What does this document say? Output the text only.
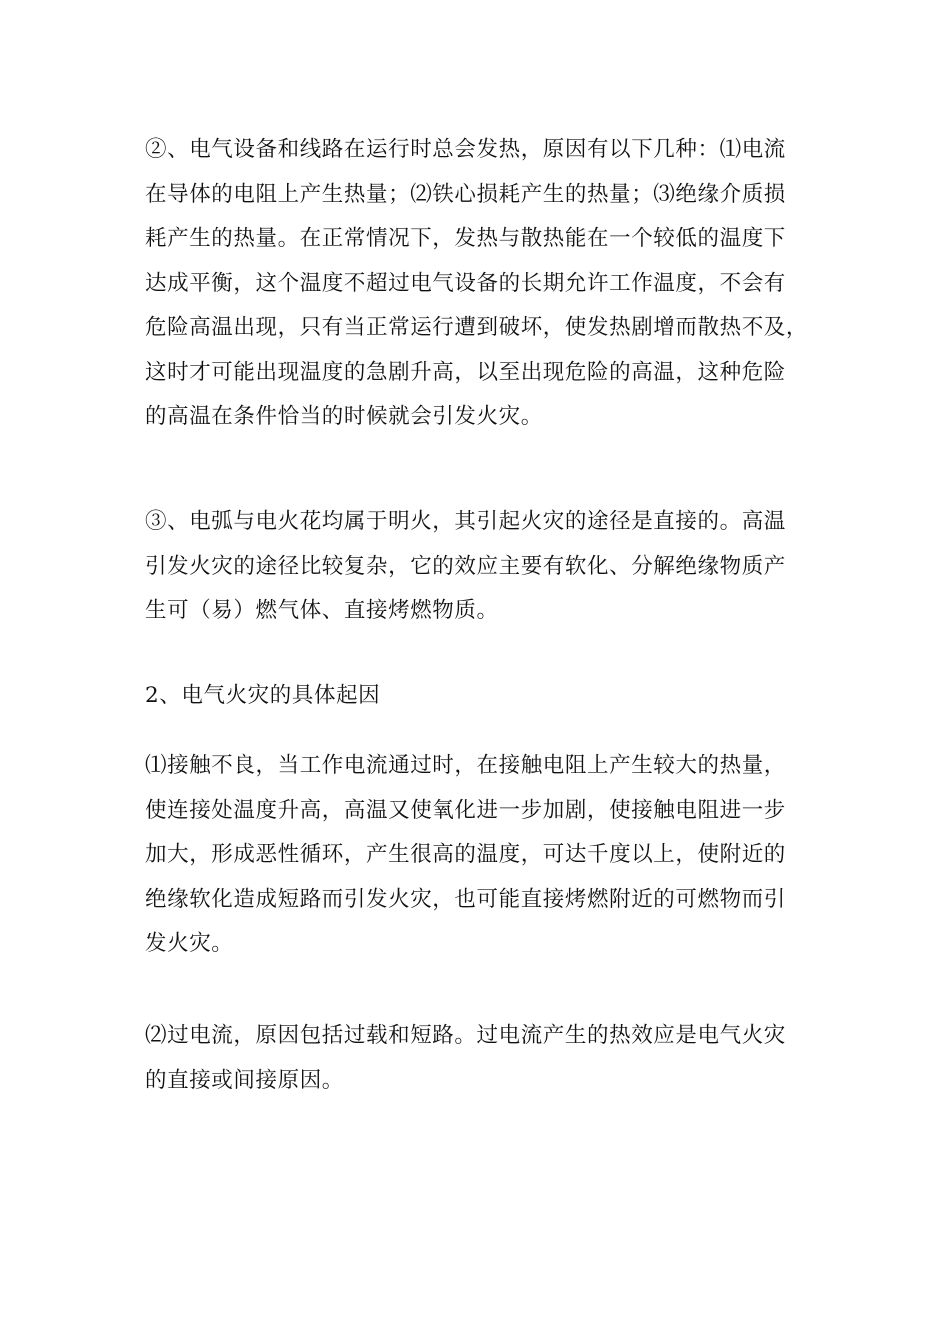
②、电气设备和线路在运行时总会发热，原因有以下几种：⑴电流
在导体的电阻上产生热量；⑵铁心损耗产生的热量；⑶绝缘介质损
耗产生的热量。在正常情况下，发热与散热能在一个较低的温度下
达成平衡，这个温度不超过电气设备的长期允许工作温度，不会有
危险高温出现，只有当正常运行遭到破坏，使发热剧增而散热不及，
这时才可能出现温度的急剧升高，以至出现危险的高温，这种危险
的高温在条件恰当的时候就会引发火灾。

③、电弧与电火花均属于明火，其引起火灾的途径是直接的。高温
引发火灾的途径比较复杂，它的效应主要有软化、分解绝缘物质产
生可（易）燃气体、直接烤燃物质。

2、电气火灾的具体起因

⑴接触不良，当工作电流通过时，在接触电阻上产生较大的热量，
使连接处温度升高，高温又使氧化进一步加剧，使接触电阻进一步
加大，形成恶性循环，产生很高的温度，可达千度以上，使附近的
绝缘软化造成短路而引发火灾，也可能直接烤燃附近的可燃物而引
发火灾。

⑵过电流，原因包括过载和短路。过电流产生的热效应是电气火灾
的直接或间接原因。
